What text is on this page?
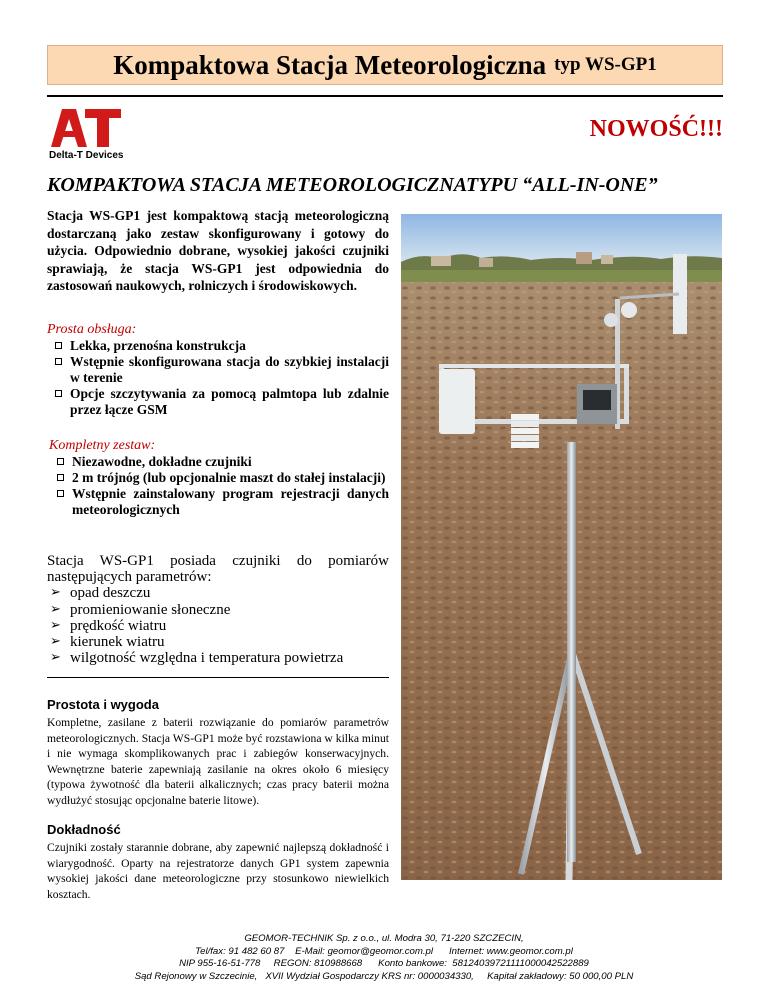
Kompaktowa Stacja Meteorologiczna typ WS-GP1
Delta-T Devices
NOWOŚĆ!!!
KOMPAKTOWA STACJA METEOROLOGICZNATYPU “ALL-IN-ONE”
Stacja WS-GP1 jest kompaktową stacją meteorologiczną dostarczaną jako zestaw skonfigurowany i gotowy do użycia. Odpowiednio dobrane, wysokiej jakości czujniki sprawiają, że stacja WS-GP1 jest odpowiednia do zastosowań naukowych, rolniczych i środowiskowych.
Prosta obsługa:
Lekka, przenośna konstrukcja
Wstępnie skonfigurowana stacja do szybkiej instalacji w terenie
Opcje szczytywania za pomocą palmtopa lub zdalnie przez łącze GSM
Kompletny zestaw:
Niezawodne, dokładne czujniki
2 m trójnóg (lub opcjonalnie maszt do stałej instalacji)
Wstępnie zainstalowany program rejestracji danych meteorologicznych
Stacja WS-GP1 posiada czujniki do pomiarów następujących parametrów:
➢ opad deszczu
➢ promieniowanie słoneczne
➢ prędkość wiatru
➢ kierunek wiatru
➢ wilgotność względna i temperatura powietrza
Prostota i wygoda
Kompletne, zasilane z baterii rozwiązanie do pomiarów parametrów meteorologicznych. Stacja WS-GP1 może być rozstawiona w kilka minut i nie wymaga skomplikowanych prac i zabiegów konserwacyjnych. Wewnętrzne baterie zapewniają zasilanie na okres około 6 miesięcy (typowa żywotność dla baterii alkalicznych; czas pracy baterii można wydłużyć stosując opcjonalne baterie litowe).
Dokładność
Czujniki zostały starannie dobrane, aby zapewnić najlepszą dokładność i wiarygodność. Oparty na rejestratorze danych GP1 system zapewnia wysokiej jakości dane meteorologiczne przy stosunkowo niewielkich kosztach.
GEOMOR-TECHNIK Sp. z o.o., ul. Modra 30, 71-220 SZCZECIN,
Tel/fax: 91 482 60 87    E-Mail: geomor@geomor.com.pl      Internet: www.geomor.com.pl
NIP 955-16-51-778     REGON: 810988668      Konto bankowe:  58124039721111000042522889
Sąd Rejonowy w Szczecinie,   XVII Wydział Gospodarczy KRS nr: 0000034330,     Kapitał zakładowy: 50 000,00 PLN
